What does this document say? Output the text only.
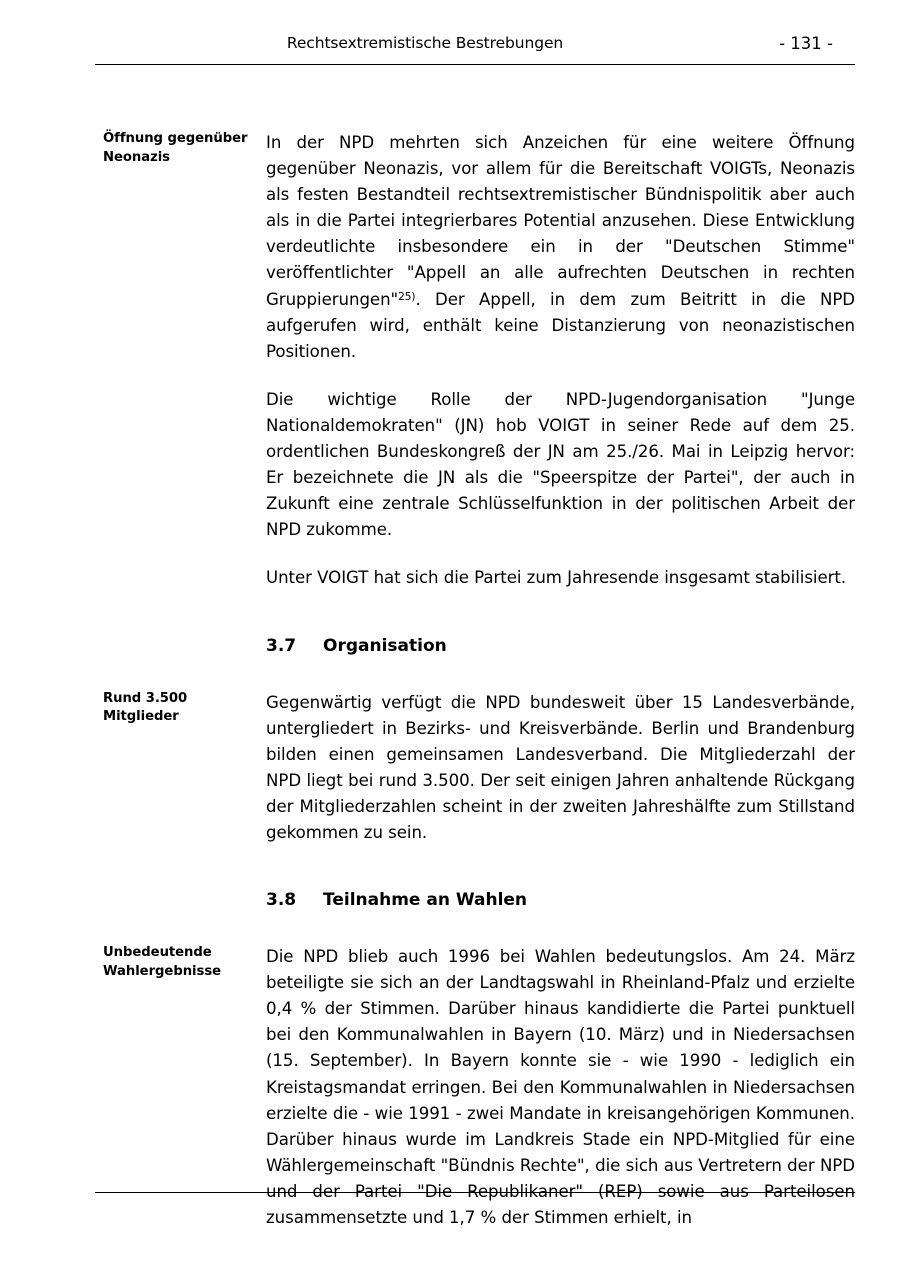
Rechtsextremistische Bestrebungen	- 131 -
Öffnung gegenüber Neonazis

In der NPD mehrten sich Anzeichen für eine weitere Öffnung gegenüber Neonazis, vor allem für die Bereitschaft VOIGTs, Neonazis als festen Bestandteil rechtsextremistischer Bündnispolitik aber auch als in die Partei integrierbares Potential anzusehen. Diese Entwicklung verdeutlichte insbesondere ein in der "Deutschen Stimme" veröffentlichter "Appell an alle aufrechten Deutschen in rechten Gruppierungen"$^{25)}$. Der Appell, in dem zum Beitritt in die NPD aufgerufen wird, enthält keine Distanzierung von neonazistischen Positionen.

Die wichtige Rolle der NPD-Jugendorganisation "Junge Nationaldemokraten" (JN) hob VOIGT in seiner Rede auf dem 25. ordentlichen Bundeskongreß der JN am 25./26. Mai in Leipzig hervor: Er bezeichnete die JN als die "Speerspitze der Partei", der auch in Zukunft eine zentrale Schlüsselfunktion in der politischen Arbeit der NPD zukomme.

Unter VOIGT hat sich die Partei zum Jahresende insgesamt stabilisiert.

3.7	Organisation
Rund 3.500 Mitglieder

Gegenwärtig verfügt die NPD bundesweit über 15 Landesverbände, untergliedert in Bezirks- und Kreisverbände. Berlin und Brandenburg bilden einen gemeinsamen Landesverband. Die Mitgliederzahl der NPD liegt bei rund 3.500. Der seit einigen Jahren anhaltende Rückgang der Mitgliederzahlen scheint in der zweiten Jahreshälfte zum Stillstand gekommen zu sein.

3.8	Teilnahme an Wahlen
Unbedeutende Wahlergebnisse

Die NPD blieb auch 1996 bei Wahlen bedeutungslos. Am 24. März beteiligte sie sich an der Landtagswahl in Rheinland-Pfalz und erzielte 0,4 % der Stimmen. Darüber hinaus kandidierte die Partei punktuell bei den Kommunalwahlen in Bayern (10. März) und in Niedersachsen (15. September). In Bayern konnte sie - wie 1990 - lediglich ein Kreistagsmandat erringen. Bei den Kommunalwahlen in Niedersachsen erzielte die - wie 1991 - zwei Mandate in kreisangehörigen Kommunen. Darüber hinaus wurde im Landkreis Stade ein NPD-Mitglied für eine Wählergemeinschaft "Bündnis Rechte", die sich aus Vertretern der NPD und der Partei "Die Republikaner" (REP) sowie aus Parteilosen zusammensetzte und 1,7 % der Stimmen erhielt, in
